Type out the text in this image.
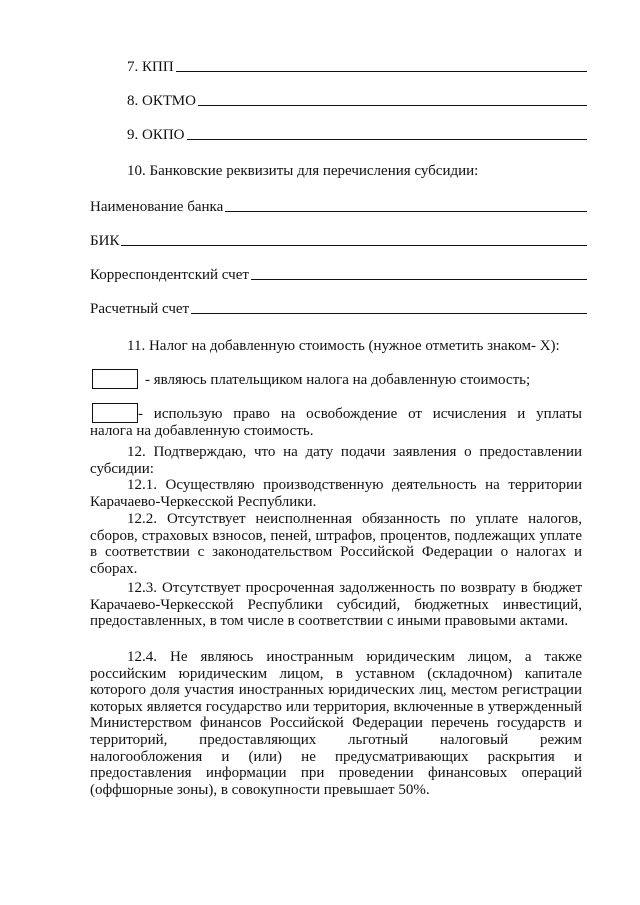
7. КПП
8. ОКТМО
9. ОКПО
10. Банковские реквизиты для перечисления субсидии:
Наименование банка
БИК
Корреспондентский счет
Расчетный счет
11. Налог на добавленную стоимость (нужное отметить знаком- X):
- являюсь плательщиком налога на добавленную стоимость;
- использую право на освобождение от исчисления и уплаты
налога на добавленную стоимость.
12. Подтверждаю, что на дату подачи заявления о предоставлении субсидии:
12.1. Осуществляю производственную деятельность на территории Карачаево-Черкесской Республики.
12.2. Отсутствует неисполненная обязанность по уплате налогов, сборов, страховых взносов, пеней, штрафов, процентов, подлежащих уплате в соответствии с законодательством Российской Федерации о налогах и сборах.
12.3. Отсутствует просроченная задолженность по возврату в бюджет Карачаево-Черкесской Республики субсидий, бюджетных инвестиций, предоставленных, в том числе в соответствии с иными правовыми актами.
12.4. Не являюсь иностранным юридическим лицом, а также российским юридическим лицом, в уставном (складочном) капитале которого доля участия иностранных юридических лиц, местом регистрации которых является государство или территория, включенные в утвержденный Министерством финансов Российской Федерации перечень государств и территорий, предоставляющих льготный налоговый режим налогообложения и (или) не предусматривающих раскрытия и предоставления информации при проведении финансовых операций (оффшорные зоны), в совокупности превышает 50%.
